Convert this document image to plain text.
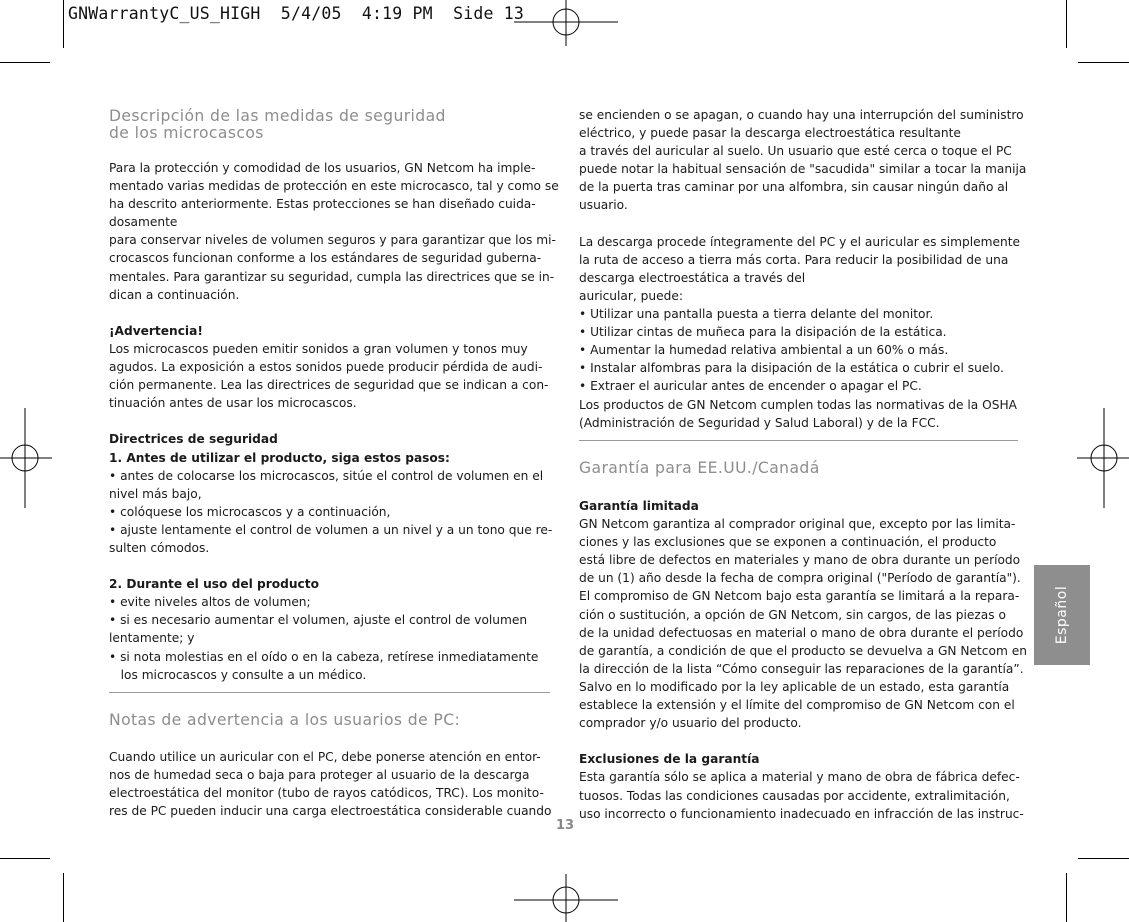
GNWarrantyC_US_HIGH  5/4/05  4:19 PM  Side 13
Descripción de las medidas de seguridad
de los microcascos

Para la protección y comodidad de los usuarios, GN Netcom ha imple-

mentado varias medidas de protección en este microcasco, tal y como se

ha descrito anteriormente. Estas protecciones se han diseñado cuida-

dosamente

para conservar niveles de volumen seguros y para garantizar que los mi-

crocascos funcionan conforme a los estándares de seguridad guberna-

mentales. Para garantizar su seguridad, cumpla las directrices que se in-

dican a continuación.

¡Advertencia!

Los microcascos pueden emitir sonidos a gran volumen y tonos muy

agudos. La exposición a estos sonidos puede producir pérdida de audi-

ción permanente. Lea las directrices de seguridad que se indican a con-

tinuación antes de usar los microcascos.

Directrices de seguridad

1. Antes de utilizar el producto, siga estos pasos:

• antes de colocarse los microcascos, sitúe el control de volumen en el

nivel más bajo,

• colóquese los microcascos y a continuación,

• ajuste lentamente el control de volumen a un nivel y a un tono que re-

sulten cómodos.

2. Durante el uso del producto

• evite niveles altos de volumen;

• si es necesario aumentar el volumen, ajuste el control de volumen

lentamente; y

• si nota molestias en el oído o en la cabeza, retírese inmediatamente

los microcascos y consulte a un médico.

Notas de advertencia a los usuarios de PC:

Cuando utilice un auricular con el PC, debe ponerse atención en entor-

nos de humedad seca o baja para proteger al usuario de la descarga

electroestática del monitor (tubo de rayos catódicos, TRC). Los monito-

res de PC pueden inducir una carga electroestática considerable cuando

se encienden o se apagan, o cuando hay una interrupción del suministro

eléctrico, y puede pasar la descarga electroestática resultante

a través del auricular al suelo. Un usuario que esté cerca o toque el PC

puede notar la habitual sensación de "sacudida" similar a tocar la manija

de la puerta tras caminar por una alfombra, sin causar ningún daño al

usuario.

La descarga procede íntegramente del PC y el auricular es simplemente

la ruta de acceso a tierra más corta. Para reducir la posibilidad de una

descarga electroestática a través del

auricular, puede:

• Utilizar una pantalla puesta a tierra delante del monitor.

• Utilizar cintas de muñeca para la disipación de la estática.

• Aumentar la humedad relativa ambiental a un 60% o más.

• Instalar alfombras para la disipación de la estática o cubrir el suelo.

• Extraer el auricular antes de encender o apagar el PC.

Los productos de GN Netcom cumplen todas las normativas de la OSHA

(Administración de Seguridad y Salud Laboral) y de la FCC.

Garantía para EE.UU./Canadá

Garantía limitada

GN Netcom garantiza al comprador original que, excepto por las limita-

ciones y las exclusiones que se exponen a continuación, el producto

está libre de defectos en materiales y mano de obra durante un período

de un (1) año desde la fecha de compra original ("Período de garantía").

El compromiso de GN Netcom bajo esta garantía se limitará a la repara-

ción o sustitución, a opción de GN Netcom, sin cargos, de las piezas o

de la unidad defectuosas en material o mano de obra durante el período

de garantía, a condición de que el producto se devuelva a GN Netcom en

la dirección de la lista “Cómo conseguir las reparaciones de la garantía”.

Salvo en lo modificado por la ley aplicable de un estado, esta garantía

establece la extensión y el límite del compromiso de GN Netcom con el

comprador y/o usuario del producto.

Exclusiones de la garantía

Esta garantía sólo se aplica a material y mano de obra de fábrica defec-

tuosos. Todas las condiciones causadas por accidente, extralimitación,

uso incorrecto o funcionamiento inadecuado en infracción de las instruc-

13
Español
